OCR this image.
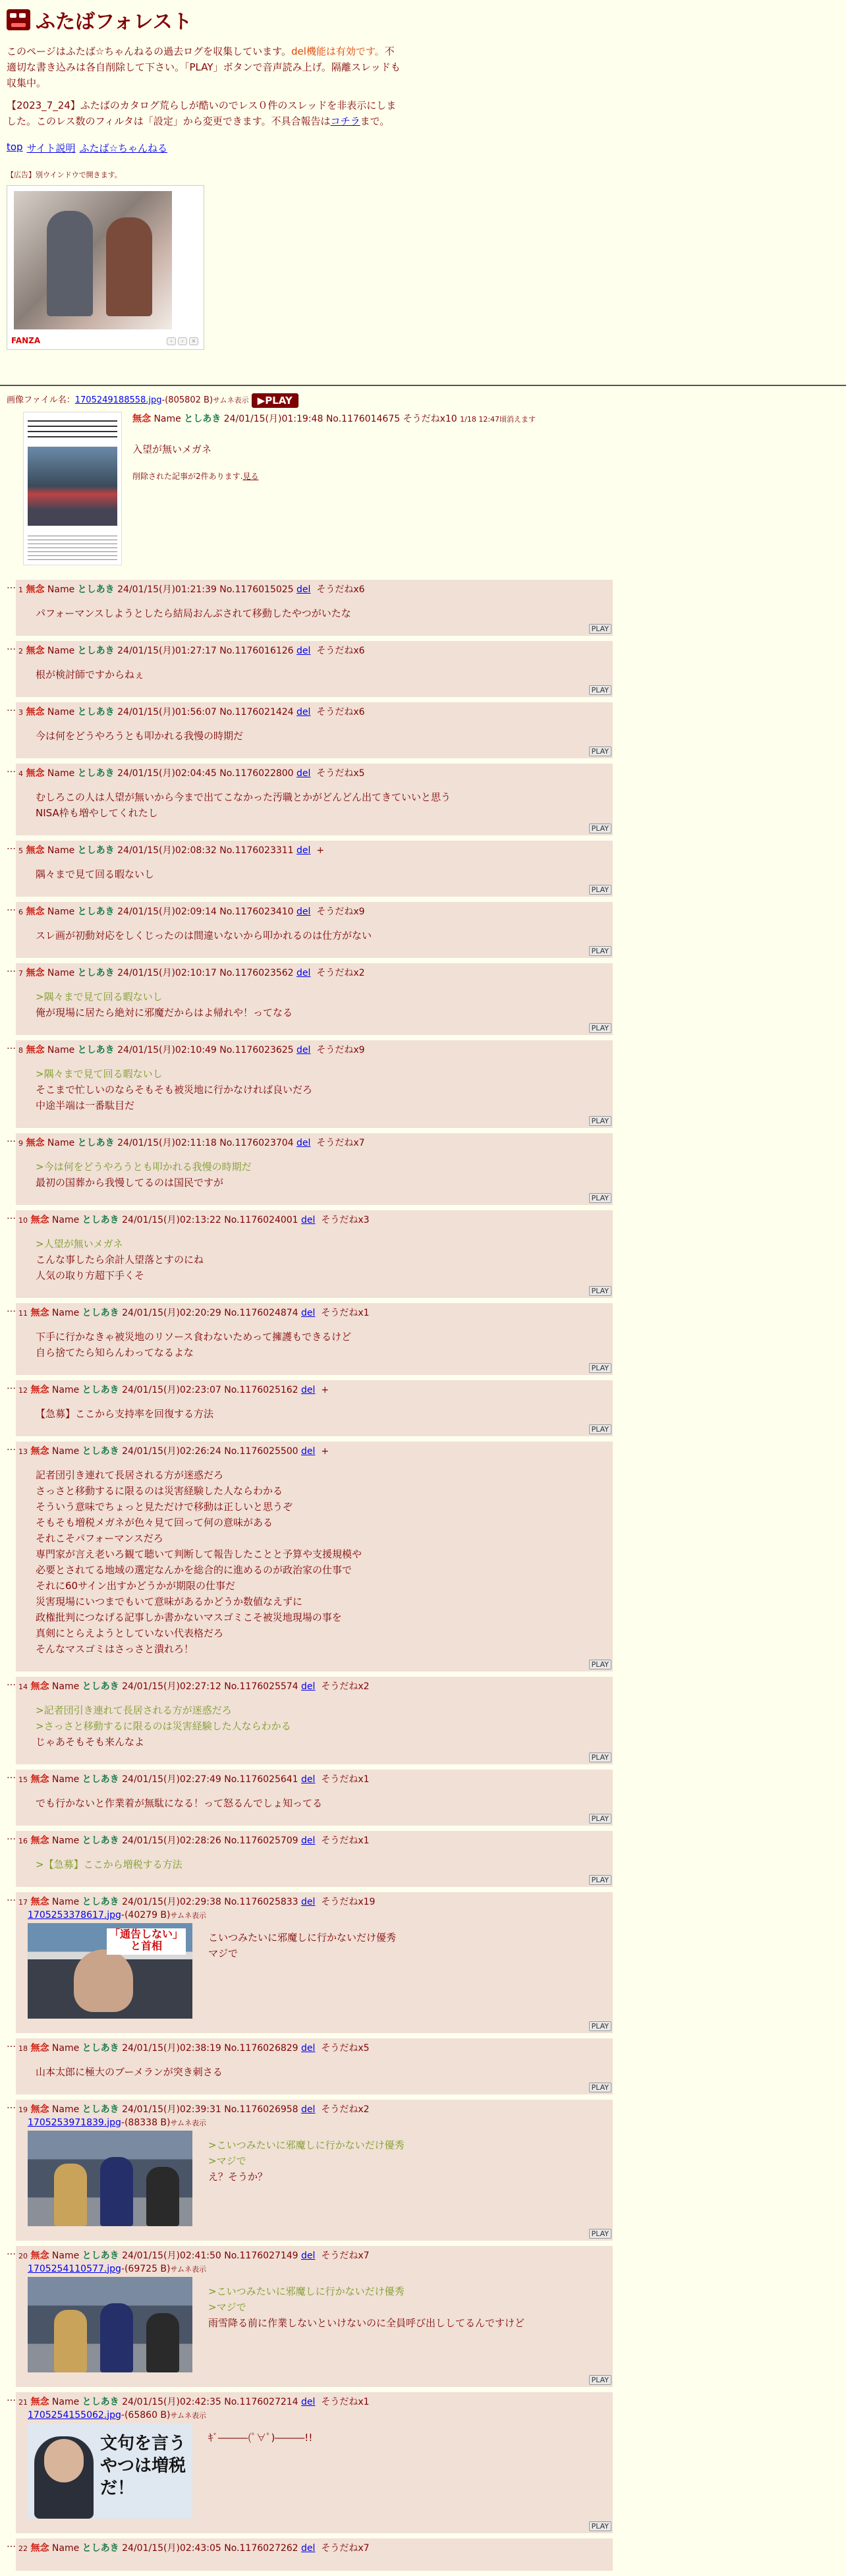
ふたばフォレスト
このページはふたば☆ちゃんねるの過去ログを収集しています。del機能は有効です。不適切な書き込みは各自削除して下さい。「PLAY」ボタンで音声読み上げ。隔離スレッドも収集中。
【2023_7_24】ふたばのカタログ荒らしが酷いのでレス０件のスレッドを非表示にしました。このレス数のフィルタは「設定」から変更できます。不具合報告はコチラまで。
top サイト説明 ふたば☆ちゃんねる
【広告】別ウインドウで開きます。
FANZA	‹	›	×
画像ファイル名：1705249188558.jpg-(805802 B)サムネ表示 ▶PLAY
無念 Name としあき 24/01/15(月)01:19:48 No.1176014675 そうだねx10 1/18 12:47頃消えます
入望が無いメガネ
削除された記事が2件あります.見る
… 1 無念 Name としあき 24/01/15(月)01:21:39 No.1176015025 del そうだねx6
パフォーマンスしようとしたら結局おんぶされて移動したやつがいたな
PLAY
… 2 無念 Name としあき 24/01/15(月)01:27:17 No.1176016126 del そうだねx6
根が検討師ですからねぇ
PLAY
… 3 無念 Name としあき 24/01/15(月)01:56:07 No.1176021424 del そうだねx6
今は何をどうやろうとも叩かれる我慢の時期だ
PLAY
… 4 無念 Name としあき 24/01/15(月)02:04:45 No.1176022800 del そうだねx5
むしろこの人は人望が無いから今まで出てこなかった汚職とかがどんどん出てきていいと思う
NISA枠も増やしてくれたし
PLAY
… 5 無念 Name としあき 24/01/15(月)02:08:32 No.1176023311 del +
隅々まで見て回る暇ないし
PLAY
… 6 無念 Name としあき 24/01/15(月)02:09:14 No.1176023410 del そうだねx9
スレ画が初動対応をしくじったのは間違いないから叩かれるのは仕方がない
PLAY
… 7 無念 Name としあき 24/01/15(月)02:10:17 No.1176023562 del そうだねx2
>隅々まで見て回る暇ないし
俺が現場に居たら絶対に邪魔だからはよ帰れや！ってなる
PLAY
… 8 無念 Name としあき 24/01/15(月)02:10:49 No.1176023625 del そうだねx9
>隅々まで見て回る暇ないし
そこまで忙しいのならそもそも被災地に行かなければ良いだろ
中途半端は一番駄目だ
PLAY
… 9 無念 Name としあき 24/01/15(月)02:11:18 No.1176023704 del そうだねx7
>今は何をどうやろうとも叩かれる我慢の時期だ
最初の国葬から我慢してるのは国民ですが
PLAY
… 10 無念 Name としあき 24/01/15(月)02:13:22 No.1176024001 del そうだねx3
>人望が無いメガネ
こんな事したら余計人望落とすのにね
人気の取り方超下手くそ
PLAY
… 11 無念 Name としあき 24/01/15(月)02:20:29 No.1176024874 del そうだねx1
下手に行かなきゃ被災地のリソース食わないためって擁護もできるけど
自ら捨てたら知らんわってなるよな
PLAY
… 12 無念 Name としあき 24/01/15(月)02:23:07 No.1176025162 del +
【急募】ここから支持率を回復する方法
PLAY
… 13 無念 Name としあき 24/01/15(月)02:26:24 No.1176025500 del +
記者団引き連れて長居される方が迷惑だろ
さっさと移動するに限るのは災害経験した人ならわかる
そういう意味でちょっと見ただけで移動は正しいと思うぞ
そもそも増税メガネが色々見て回って何の意味がある
それこそパフォーマンスだろ
専門家が言え老いろ観て聴いて判断して報告したことと予算や支援規模や
必要とされてる地域の選定なんかを総合的に進めるのが政治家の仕事で
それに60サイン出すかどうかが期限の仕事だ
災害現場にいつまでもいて意味があるかどうか数値なえずに
政権批判につなげる記事しか書かないマスゴミこそ被災地現場の事を
真剣にとらえようとしていない代表格だろ
そんなマスゴミはさっさと潰れろ！
PLAY
… 14 無念 Name としあき 24/01/15(月)02:27:12 No.1176025574 del そうだねx2
>記者団引き連れて長居される方が迷惑だろ
>さっさと移動するに限るのは災害経験した人ならわかる
じゃあそもそも来んなよ
PLAY
… 15 無念 Name としあき 24/01/15(月)02:27:49 No.1176025641 del そうだねx1
でも行かないと作業着が無駄になる！って怒るんでしょ知ってる
PLAY
… 16 無念 Name としあき 24/01/15(月)02:28:26 No.1176025709 del そうだねx1
>【急募】ここから増税する方法
PLAY
… 17 無念 Name としあき 24/01/15(月)02:29:38 No.1176025833 del そうだねx19
1705253378617.jpg-(40279 B)サムネ表示
「通告しない」と首相
こいつみたいに邪魔しに行かないだけ優秀
マジで
PLAY
… 18 無念 Name としあき 24/01/15(月)02:38:19 No.1176026829 del そうだねx5
山本太郎に極大のブーメランが突き刺さる
PLAY
… 19 無念 Name としあき 24/01/15(月)02:39:31 No.1176026958 del そうだねx2
1705253971839.jpg-(88338 B)サムネ表示
>こいつみたいに邪魔しに行かないだけ優秀
>マジで
え？そうか？
PLAY
… 20 無念 Name としあき 24/01/15(月)02:41:50 No.1176027149 del そうだねx7
1705254110577.jpg-(69725 B)サムネ表示
>こいつみたいに邪魔しに行かないだけ優秀
>マジで
雨雪降る前に作業しないといけないのに全員呼び出ししてるんですけど
PLAY
… 21 無念 Name としあき 24/01/15(月)02:42:35 No.1176027214 del そうだねx1
1705254155062.jpg-(65860 B)サムネ表示
文句を言うやつは増税だ！
ｷﾞ―――(ﾟ∀ﾟ)―――!!
PLAY
… 22 無念 Name としあき 24/01/15(月)02:43:05 No.1176027262 del そうだねx7
